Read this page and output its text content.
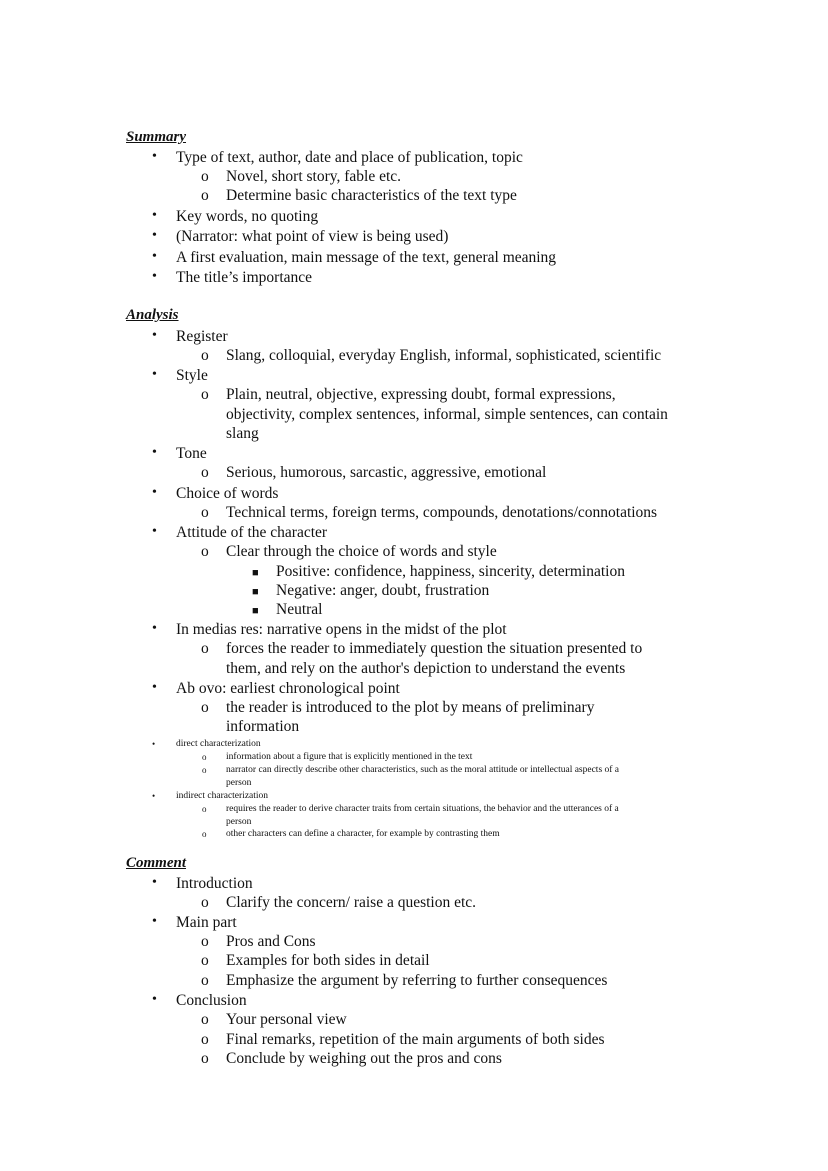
Summary
• Type of text, author, date and place of publication, topic
o Novel, short story, fable etc.
o Determine basic characteristics of the text type
• Key words, no quoting
• (Narrator: what point of view is being used)
• A first evaluation, main message of the text, general meaning
• The title’s importance
Analysis
• Register
o Slang, colloquial, everyday English, informal, sophisticated, scientific
• Style
o Plain, neutral, objective, expressing doubt, formal expressions,
objectivity, complex sentences, informal, simple sentences, can contain
slang
• Tone
o Serious, humorous, sarcastic, aggressive, emotional
• Choice of words
o Technical terms, foreign terms, compounds, denotations/connotations
• Attitude of the character
o Clear through the choice of words and style
■ Positive: confidence, happiness, sincerity, determination
■ Negative: anger, doubt, frustration
■ Neutral
• In medias res: narrative opens in the midst of the plot
o forces the reader to immediately question the situation presented to
them, and rely on the author's depiction to understand the events
• Ab ovo: earliest chronological point
o the reader is introduced to the plot by means of preliminary
information
• direct characterization
o information about a figure that is explicitly mentioned in the text
o narrator can directly describe other characteristics, such as the moral attitude or intellectual aspects of a
person
• indirect characterization
o requires the reader to derive character traits from certain situations, the behavior and the utterances of a
person
o other characters can define a character, for example by contrasting them
Comment
• Introduction
o Clarify the concern/ raise a question etc.
• Main part
o Pros and Cons
o Examples for both sides in detail
o Emphasize the argument by referring to further consequences
• Conclusion
o Your personal view
o Final remarks, repetition of the main arguments of both sides
o Conclude by weighing out the pros and cons
